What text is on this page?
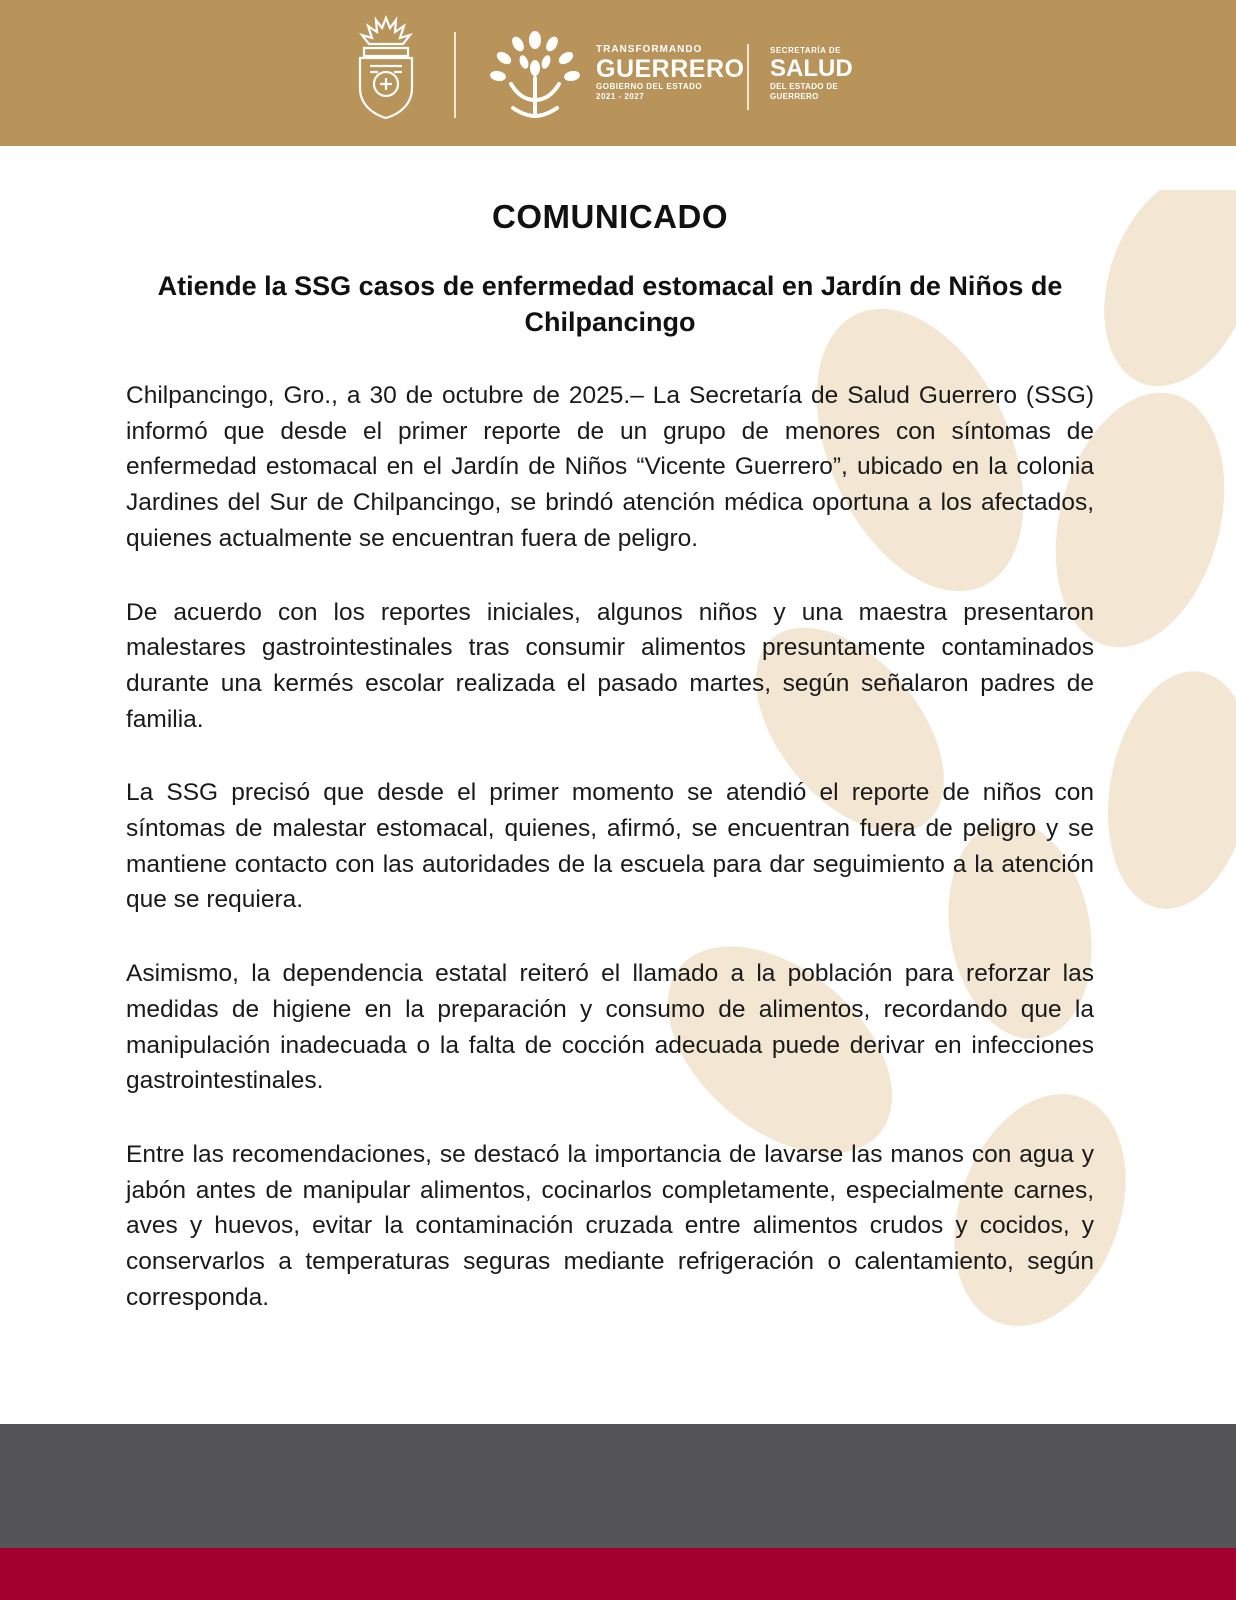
TRANSFORMANDO
GUERRERO
GOBIERNO DEL ESTADO
2021 - 2027
SECRETARÍA DE
SALUD
DEL ESTADO DE
GUERRERO
COMUNICADO
Atiende la SSG casos de enfermedad estomacal en Jardín de Niños de Chilpancingo

Chilpancingo, Gro., a 30 de octubre de 2025.– La Secretaría de Salud Guerrero (SSG) informó que desde el primer reporte de un grupo de menores con síntomas de enfermedad estomacal en el Jardín de Niños “Vicente Guerrero”, ubicado en la colonia Jardines del Sur de Chilpancingo, se brindó atención médica oportuna a los afectados, quienes actualmente se encuentran fuera de peligro.

De acuerdo con los reportes iniciales, algunos niños y una maestra presentaron malestares gastrointestinales tras consumir alimentos presuntamente contaminados durante una kermés escolar realizada el pasado martes, según señalaron padres de familia.

La SSG precisó que desde el primer momento se atendió el reporte de niños con síntomas de malestar estomacal, quienes, afirmó, se encuentran fuera de peligro y se mantiene contacto con las autoridades de la escuela para dar seguimiento a la atención que se requiera.

Asimismo, la dependencia estatal reiteró el llamado a la población para reforzar las medidas de higiene en la preparación y consumo de alimentos, recordando que la manipulación inadecuada o la falta de cocción adecuada puede derivar en infecciones gastrointestinales.

Entre las recomendaciones, se destacó la importancia de lavarse las manos con agua y jabón antes de manipular alimentos, cocinarlos completamente, especialmente carnes, aves y huevos, evitar la contaminación cruzada entre alimentos crudos y cocidos, y conservarlos a temperaturas seguras mediante refrigeración o calentamiento, según corresponda.
